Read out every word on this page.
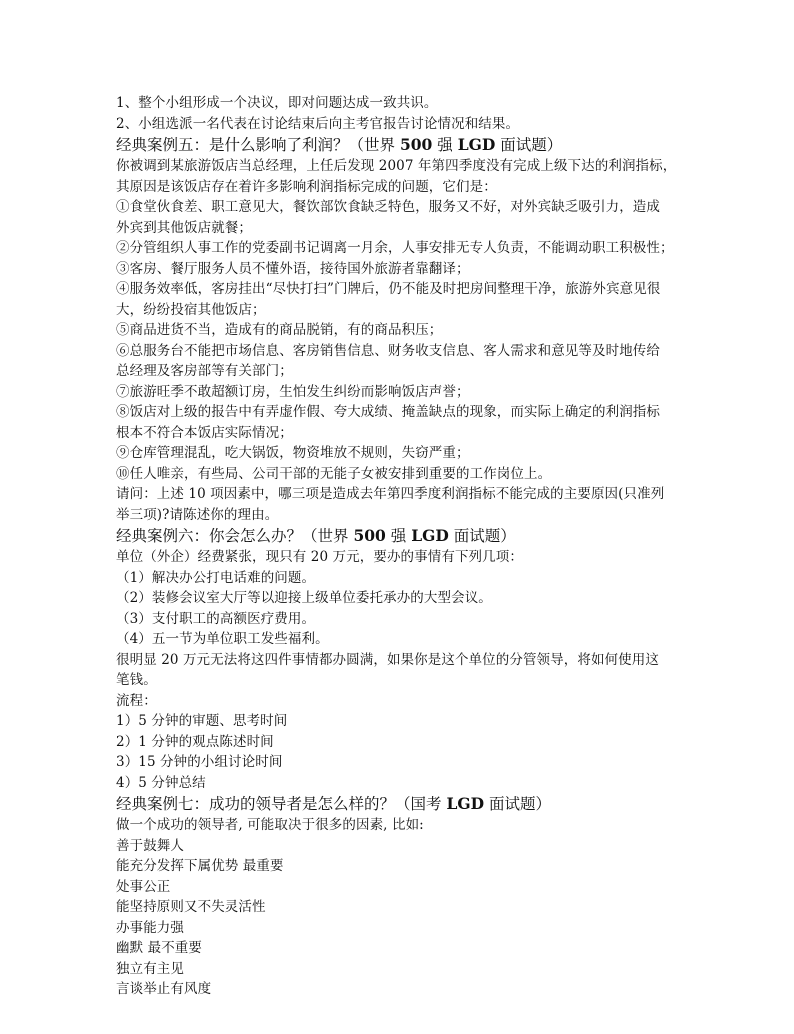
1、整个小组形成一个决议，即对问题达成一致共识。
2、小组选派一名代表在讨论结束后向主考官报告讨论情况和结果。
经典案例五：是什么影响了利润？（世界 500 强 LGD 面试题）
你被调到某旅游饭店当总经理，上任后发现 2007 年第四季度没有完成上级下达的利润指标，
其原因是该饭店存在着许多影响利润指标完成的问题，它们是：
①食堂伙食差、职工意见大，餐饮部饮食缺乏特色，服务又不好，对外宾缺乏吸引力，造成
外宾到其他饭店就餐；
②分管组织人事工作的党委副书记调离一月余，人事安排无专人负责，不能调动职工积极性；
③客房、餐厅服务人员不懂外语，接待国外旅游者靠翻译；
④服务效率低，客房挂出“尽快打扫”门牌后，仍不能及时把房间整理干净，旅游外宾意见很
大，纷纷投宿其他饭店；
⑤商品进货不当，造成有的商品脱销，有的商品积压；
⑥总服务台不能把市场信息、客房销售信息、财务收支信息、客人需求和意见等及时地传给
总经理及客房部等有关部门；
⑦旅游旺季不敢超额订房，生怕发生纠纷而影响饭店声誉；
⑧饭店对上级的报告中有弄虚作假、夸大成绩、掩盖缺点的现象，而实际上确定的利润指标
根本不符合本饭店实际情况；
⑨仓库管理混乱，吃大锅饭，物资堆放不规则，失窃严重；
⑩任人唯亲，有些局、公司干部的无能子女被安排到重要的工作岗位上。
请问：上述 10 项因素中，哪三项是造成去年第四季度利润指标不能完成的主要原因(只准列
举三项)?请陈述你的理由。
经典案例六：你会怎么办？（世界 500 强 LGD 面试题）
单位（外企）经费紧张，现只有 20 万元，要办的事情有下列几项：
（1）解决办公打电话难的问题。
（2）装修会议室大厅等以迎接上级单位委托承办的大型会议。
（3）支付职工的高额医疗费用。
（4）五一节为单位职工发些福利。
很明显 20 万元无法将这四件事情都办圆满，如果你是这个单位的分管领导，将如何使用这
笔钱。
流程：
1）5 分钟的审题、思考时间
2）1 分钟的观点陈述时间
3）15 分钟的小组讨论时间
4）5 分钟总结
经典案例七：成功的领导者是怎么样的？（国考 LGD 面试题）
做一个成功的领导者, 可能取决于很多的因素, 比如:
善于鼓舞人
能充分发挥下属优势 最重要
处事公正
能坚持原则又不失灵活性
办事能力强
幽默 最不重要
独立有主见
言谈举止有风度
